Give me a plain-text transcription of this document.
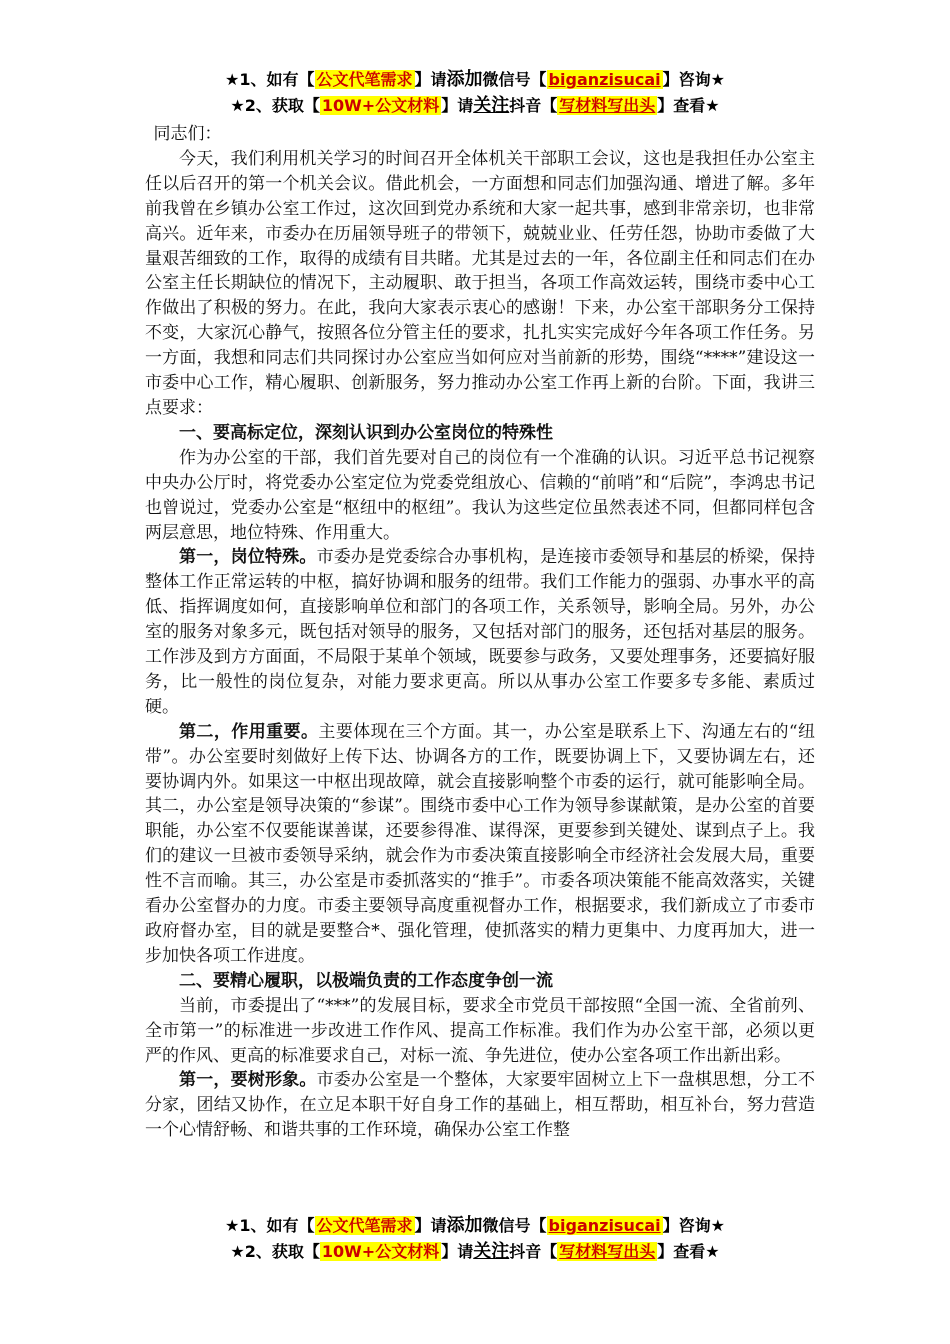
★1、如有【 公文代笔需求 】请添加微信号【 biganzisucai 】咨询★
★2、获取【 10W+公文材料 】请关注抖音【 写材料写出头 】查看★

同志们：

今天，我们利用机关学习的时间召开全体机关干部职工会议，这也是我担任办公室主任以后召开的第一个机关会议。借此机会，一方面想和同志们加强沟通、增进了解。多年前我曾在乡镇办公室工作过，这次回到党办系统和大家一起共事，感到非常亲切，也非常高兴。近年来，市委办在历届领导班子的带领下，兢兢业业、任劳任怨，协助市委做了大量艰苦细致的工作，取得的成绩有目共睹。尤其是过去的一年，各位副主任和同志们在办公室主任长期缺位的情况下，主动履职、敢于担当，各项工作高效运转，围绕市委中心工作做出了积极的努力。在此，我向大家表示衷心的感谢！下来，办公室干部职务分工保持不变，大家沉心静气，按照各位分管主任的要求，扎扎实实完成好今年各项工作任务。另一方面，我想和同志们共同探讨办公室应当如何应对当前新的形势，围绕“****”建设这一市委中心工作，精心履职、创新服务，努力推动办公室工作再上新的台阶。下面，我讲三点要求：

一、要高标定位，深刻认识到办公室岗位的特殊性

作为办公室的干部，我们首先要对自己的岗位有一个准确的认识。习近平总书记视察中央办公厅时，将党委办公室定位为党委党组放心、信赖的“前哨”和“后院”，李鸿忠书记也曾说过，党委办公室是“枢纽中的枢纽”。我认为这些定位虽然表述不同，但都同样包含两层意思，地位特殊、作用重大。

第一，岗位特殊。市委办是党委综合办事机构，是连接市委领导和基层的桥梁，保持整体工作正常运转的中枢，搞好协调和服务的纽带。我们工作能力的强弱、办事水平的高低、指挥调度如何，直接影响单位和部门的各项工作，关系领导，影响全局。另外，办公室的服务对象多元，既包括对领导的服务，又包括对部门的服务，还包括对基层的服务。工作涉及到方方面面，不局限于某单个领域，既要参与政务，又要处理事务，还要搞好服务，比一般性的岗位复杂，对能力要求更高。所以从事办公室工作要多专多能、素质过硬。

第二，作用重要。主要体现在三个方面。其一，办公室是联系上下、沟通左右的“纽带”。办公室要时刻做好上传下达、协调各方的工作，既要协调上下，又要协调左右，还要协调内外。如果这一中枢出现故障，就会直接影响整个市委的运行，就可能影响全局。其二，办公室是领导决策的“参谋”。围绕市委中心工作为领导参谋献策，是办公室的首要职能，办公室不仅要能谋善谋，还要参得准、谋得深，更要参到关键处、谋到点子上。我们的建议一旦被市委领导采纳，就会作为市委决策直接影响全市经济社会发展大局，重要性不言而喻。其三，办公室是市委抓落实的“推手”。市委各项决策能不能高效落实，关键看办公室督办的力度。市委主要领导高度重视督办工作，根据要求，我们新成立了市委市政府督办室，目的就是要整合*、强化管理，使抓落实的精力更集中、力度再加大，进一步加快各项工作进度。

二、要精心履职，以极端负责的工作态度争创一流

当前，市委提出了“***”的发展目标，要求全市党员干部按照“全国一流、全省前列、全市第一”的标准进一步改进工作作风、提高工作标准。我们作为办公室干部，必须以更严的作风、更高的标准要求自己，对标一流、争先进位，使办公室各项工作出新出彩。

第一，要树形象。市委办公室是一个整体，大家要牢固树立上下一盘棋思想，分工不分家，团结又协作，在立足本职干好自身工作的基础上，相互帮助，相互补台，努力营造一个心情舒畅、和谐共事的工作环境，确保办公室工作整

★1、如有【 公文代笔需求 】请添加微信号【 biganzisucai 】咨询★
★2、获取【 10W+公文材料 】请关注抖音【 写材料写出头 】查看★
